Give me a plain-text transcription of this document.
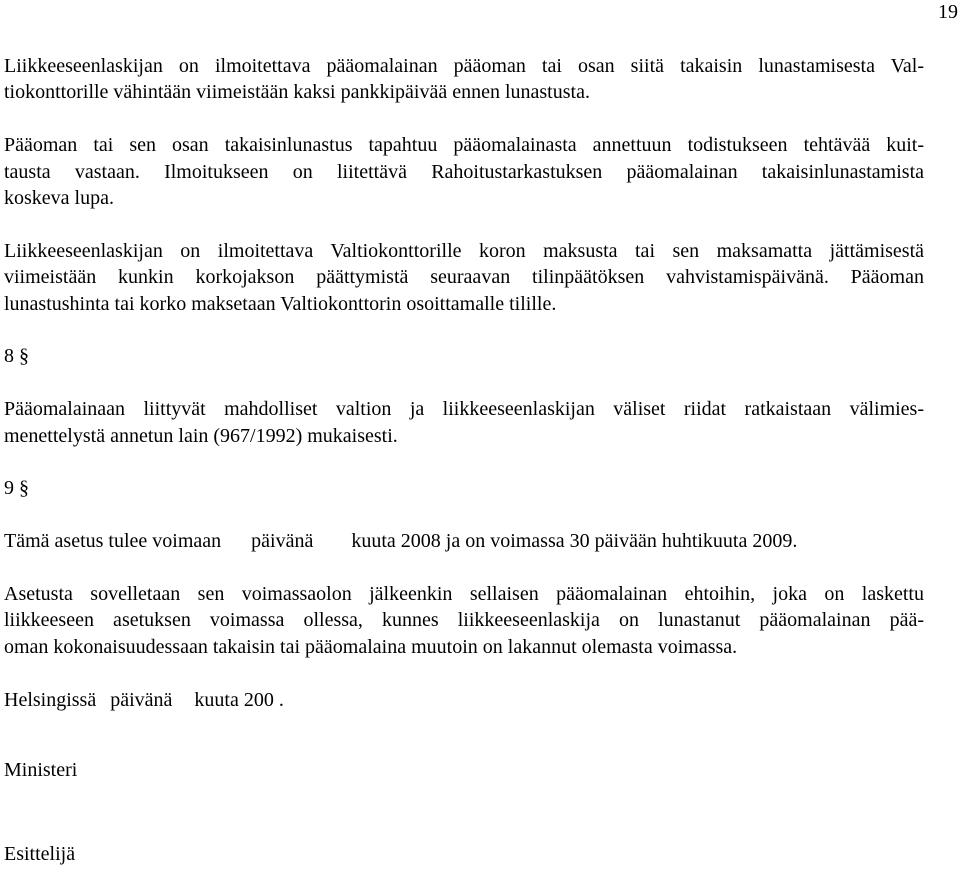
19
Liikkeeseenlaskijan on ilmoitettava pääomalainan pääoman tai osan siitä takaisin lunastamisesta Val-
tiokonttorille vähintään viimeistään kaksi pankkipäivää ennen lunastusta.
Pääoman tai sen osan takaisinlunastus tapahtuu pääomalainasta annettuun todistukseen tehtävää kuit-
tausta vastaan. Ilmoitukseen on liitettävä Rahoitustarkastuksen pääomalainan takaisinlunastamista
koskeva lupa.
Liikkeeseenlaskijan on ilmoitettava Valtiokonttorille koron maksusta tai sen maksamatta jättämisestä
viimeistään kunkin korkojakson päättymistä seuraavan tilinpäätöksen vahvistamispäivänä. Pääoman
lunastushinta tai korko maksetaan Valtiokonttorin osoittamalle tilille.
8 §
Pääomalainaan liittyvät mahdolliset valtion ja liikkeeseenlaskijan väliset riidat ratkaistaan välimies-
menettelystä annetun lain (967/1992) mukaisesti.
9 §
Tämä asetus tulee voimaan päivänä kuuta 2008 ja on voimassa 30 päivään huhtikuuta 2009.
Asetusta sovelletaan sen voimassaolon jälkeenkin sellaisen pääomalainan ehtoihin, joka on laskettu
liikkeeseen asetuksen voimassa ollessa, kunnes liikkeeseenlaskija on lunastanut pääomalainan pää-
oman kokonaisuudessaan takaisin tai pääomalaina muutoin on lakannut olemasta voimassa.
Helsingissä päivänä kuuta 200 .
Ministeri
Esittelijä
